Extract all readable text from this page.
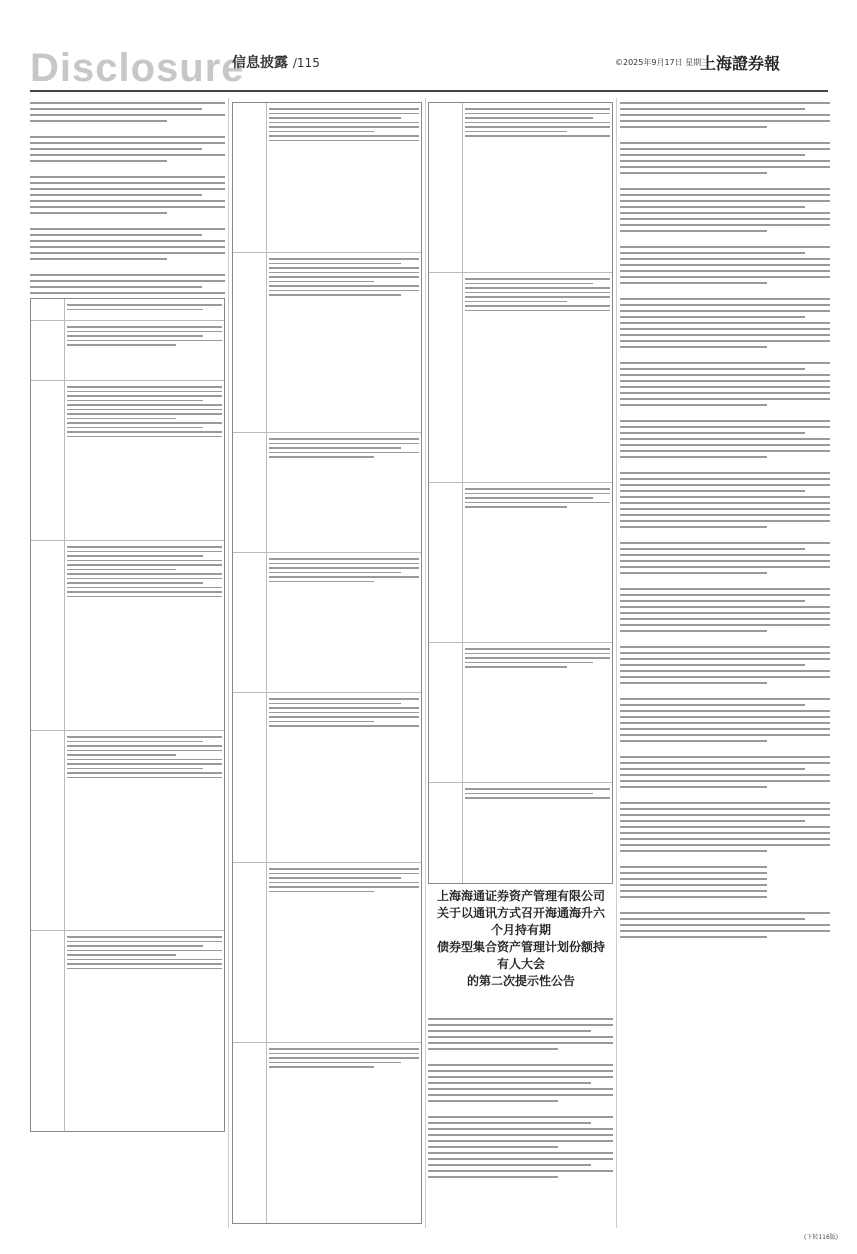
Disclosure
信息披露 /115	©2025年9月17日 星期三
上海證券報
上海海通证券资产管理有限公司
关于以通讯方式召开海通海升六个月持有期
债券型集合资产管理计划份额持有人大会
的第二次提示性公告
(下转116版)
